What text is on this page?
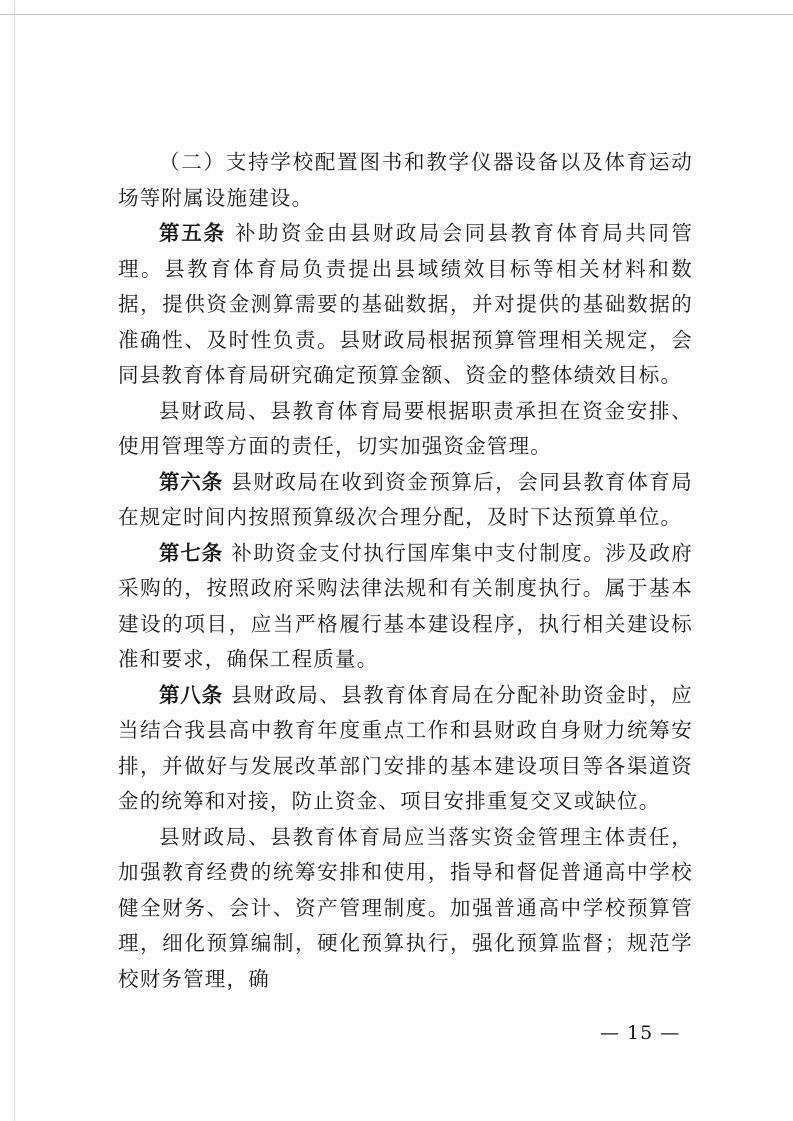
（二）支持学校配置图书和教学仪器设备以及体育运动场等附属设施建设。

第五条 补助资金由县财政局会同县教育体育局共同管理。县教育体育局负责提出县域绩效目标等相关材料和数据，提供资金测算需要的基础数据，并对提供的基础数据的准确性、及时性负责。县财政局根据预算管理相关规定，会同县教育体育局研究确定预算金额、资金的整体绩效目标。

县财政局、县教育体育局要根据职责承担在资金安排、使用管理等方面的责任，切实加强资金管理。

第六条 县财政局在收到资金预算后，会同县教育体育局在规定时间内按照预算级次合理分配，及时下达预算单位。

第七条 补助资金支付执行国库集中支付制度。涉及政府采购的，按照政府采购法律法规和有关制度执行。属于基本建设的项目，应当严格履行基本建设程序，执行相关建设标准和要求，确保工程质量。

第八条 县财政局、县教育体育局在分配补助资金时，应当结合我县高中教育年度重点工作和县财政自身财力统筹安排，并做好与发展改革部门安排的基本建设项目等各渠道资金的统筹和对接，防止资金、项目安排重复交叉或缺位。

县财政局、县教育体育局应当落实资金管理主体责任，加强教育经费的统筹安排和使用，指导和督促普通高中学校健全财务、会计、资产管理制度。加强普通高中学校预算管理，细化预算编制，硬化预算执行，强化预算监督；规范学校财务管理，确

— 15 —
